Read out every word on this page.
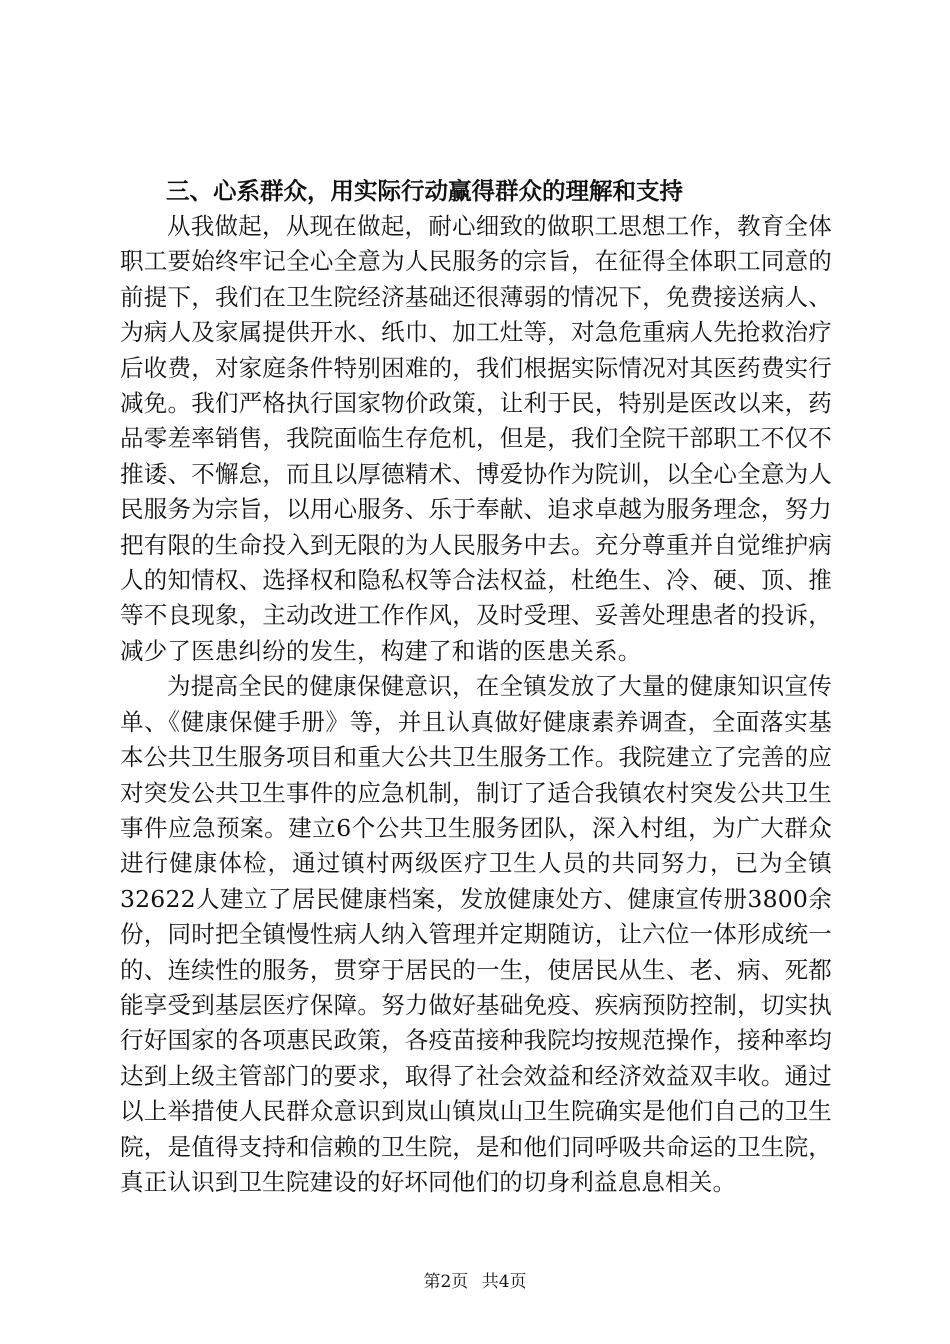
三、心系群众，用实际行动赢得群众的理解和支持

从我做起，从现在做起，耐心细致的做职工思想工作，教育全体职工要始终牢记全心全意为人民服务的宗旨，在征得全体职工同意的前提下，我们在卫生院经济基础还很薄弱的情况下，免费接送病人、为病人及家属提供开水、纸巾、加工灶等，对急危重病人先抢救治疗后收费，对家庭条件特别困难的，我们根据实际情况对其医药费实行减免。我们严格执行国家物价政策，让利于民，特别是医改以来，药品零差率销售，我院面临生存危机，但是，我们全院干部职工不仅不推诿、不懈怠，而且以厚德精术、博爱协作为院训，以全心全意为人民服务为宗旨，以用心服务、乐于奉献、追求卓越为服务理念，努力把有限的生命投入到无限的为人民服务中去。充分尊重并自觉维护病人的知情权、选择权和隐私权等合法权益，杜绝生、冷、硬、顶、推等不良现象，主动改进工作作风，及时受理、妥善处理患者的投诉，减少了医患纠纷的发生，构建了和谐的医患关系。

为提高全民的健康保健意识，在全镇发放了大量的健康知识宣传单、《健康保健手册》等，并且认真做好健康素养调查，全面落实基本公共卫生服务项目和重大公共卫生服务工作。我院建立了完善的应对突发公共卫生事件的应急机制，制订了适合我镇农村突发公共卫生事件应急预案。建立6个公共卫生服务团队，深入村组，为广大群众进行健康体检，通过镇村两级医疗卫生人员的共同努力，已为全镇32622人建立了居民健康档案，发放健康处方、健康宣传册3800余份，同时把全镇慢性病人纳入管理并定期随访，让六位一体形成统一的、连续性的服务，贯穿于居民的一生，使居民从生、老、病、死都能享受到基层医疗保障。努力做好基础免疫、疾病预防控制，切实执行好国家的各项惠民政策，各疫苗接种我院均按规范操作，接种率均达到上级主管部门的要求，取得了社会效益和经济效益双丰收。通过以上举措使人民群众意识到岚山镇岚山卫生院确实是他们自己的卫生院，是值得支持和信赖的卫生院，是和他们同呼吸共命运的卫生院，真正认识到卫生院建设的好坏同他们的切身利益息息相关。

第2页 共4页
